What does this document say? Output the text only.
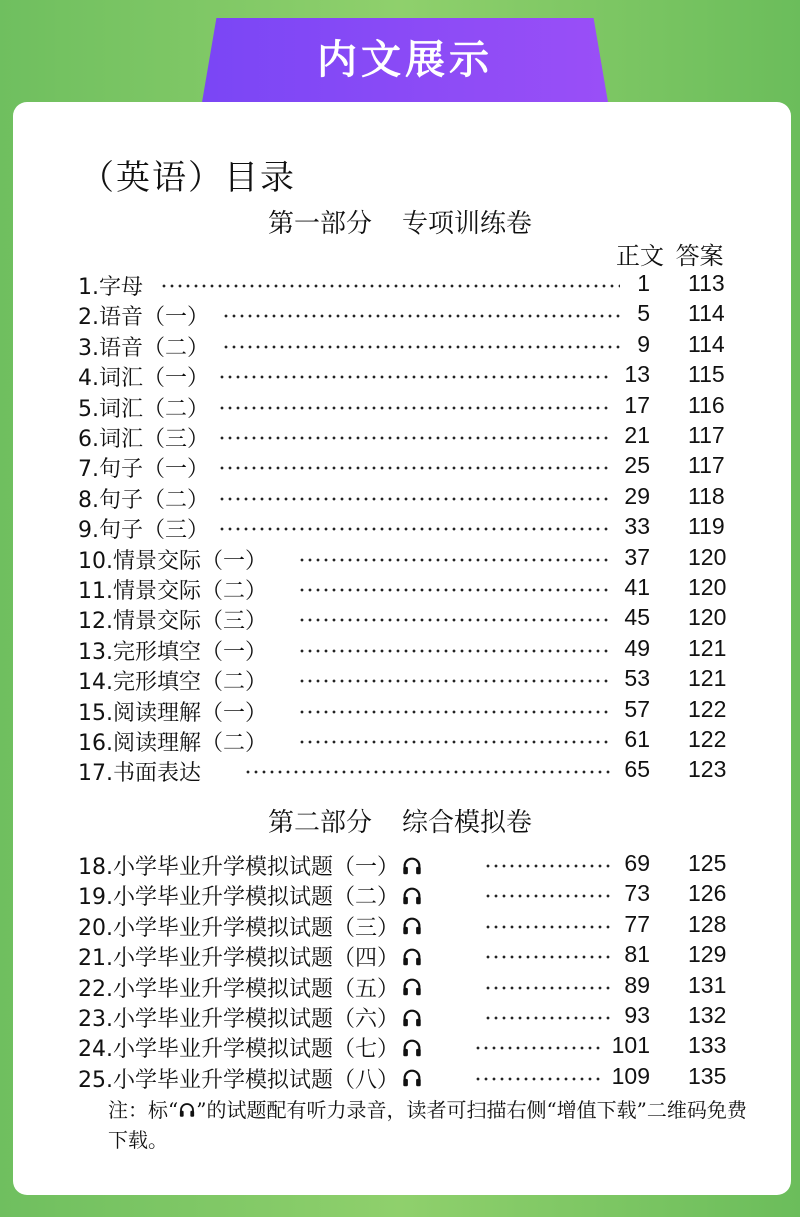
内文展示
（英语）目录
第一部分 专项训练卷
正文 答案
第二部分 综合模拟卷
1.字母	1 113
2.语音（一）	5 114
3.语音（二）	9 114
4.词汇（一）	13 115
5.词汇（二）	17 116
6.词汇（三）	21 117
7.句子（一）	25 117
8.句子（二）	29 118
9.句子（三）	33 119
10.情景交际（一）	37 120
11.情景交际（二）	41 120
12.情景交际（三）	45 120
13.完形填空（一）	49 121
14.完形填空（二）	53 121
15.阅读理解（一）	57 122
16.阅读理解（二）	61 122
17.书面表达	65 123
18.小学毕业升学模拟试题（一）	69 125
19.小学毕业升学模拟试题（二）	73 126
20.小学毕业升学模拟试题（三）	77 128
21.小学毕业升学模拟试题（四）	81 129
22.小学毕业升学模拟试题（五）	89 131
23.小学毕业升学模拟试题（六）	93 132
24.小学毕业升学模拟试题（七）	101 133
25.小学毕业升学模拟试题（八）	109 135
注：标“ ”的试题配有听力录音，读者可扫描右侧“增值下载”二维码免费下载。
